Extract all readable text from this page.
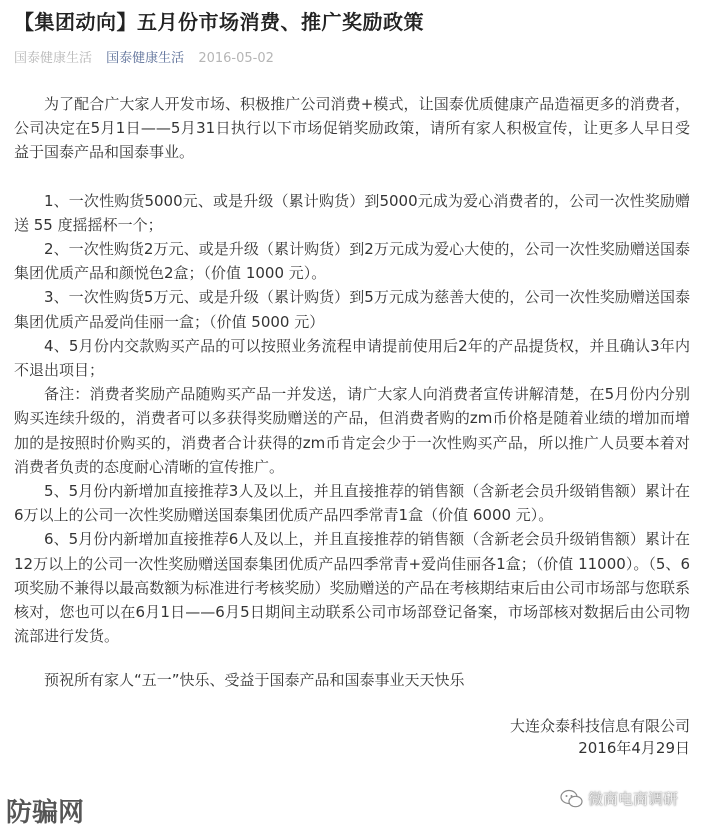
【集团动向】五月份市场消费、推广奖励政策
国泰健康生活 国泰健康生活 2016-05-02

为了配合广大家人开发市场、积极推广公司消费+模式，让国泰优质健康产品造福更多的消费者，公司决定在5月1日——5月31日执行以下市场促销奖励政策，请所有家人积极宣传，让更多人早日受益于国泰产品和国泰事业。

1、一次性购货5000元、或是升级（累计购货）到5000元成为爱心消费者的，公司一次性奖励赠送 55 度摇摇杯一个；

2、一次性购货2万元、或是升级（累计购货）到2万元成为爱心大使的，公司一次性奖励赠送国泰集团优质产品和颜悦色2盒；（价值 1000 元）。

3、一次性购货5万元、或是升级（累计购货）到5万元成为慈善大使的，公司一次性奖励赠送国泰集团优质产品爱尚佳丽一盒；（价值 5000 元）

4、5月份内交款购买产品的可以按照业务流程申请提前使用后2年的产品提货权，并且确认3年内不退出项目；

备注：消费者奖励产品随购买产品一并发送，请广大家人向消费者宣传讲解清楚，在5月份内分别购买连续升级的，消费者可以多获得奖励赠送的产品，但消费者购的zm币价格是随着业绩的增加而增加的是按照时价购买的，消费者合计获得的zm币肯定会少于一次性购买产品，所以推广人员要本着对消费者负责的态度耐心清晰的宣传推广。

5、5月份内新增加直接推荐3人及以上，并且直接推荐的销售额（含新老会员升级销售额）累计在6万以上的公司一次性奖励赠送国泰集团优质产品四季常青1盒（价值 6000 元）。

6、5月份内新增加直接推荐6人及以上，并且直接推荐的销售额（含新老会员升级销售额）累计在12万以上的公司一次性奖励赠送国泰集团优质产品四季常青+爱尚佳丽各1盒；（价值 11000）。（5、6项奖励不兼得以最高数额为标准进行考核奖励）奖励赠送的产品在考核期结束后由公司市场部与您联系核对，您也可以在6月1日——6月5日期间主动联系公司市场部登记备案，市场部核对数据后由公司物流部进行发货。

预祝所有家人“五一”快乐、受益于国泰产品和国泰事业天天快乐

大连众泰科技信息有限公司
2016年4月29日
防骗网	微商电商调研
